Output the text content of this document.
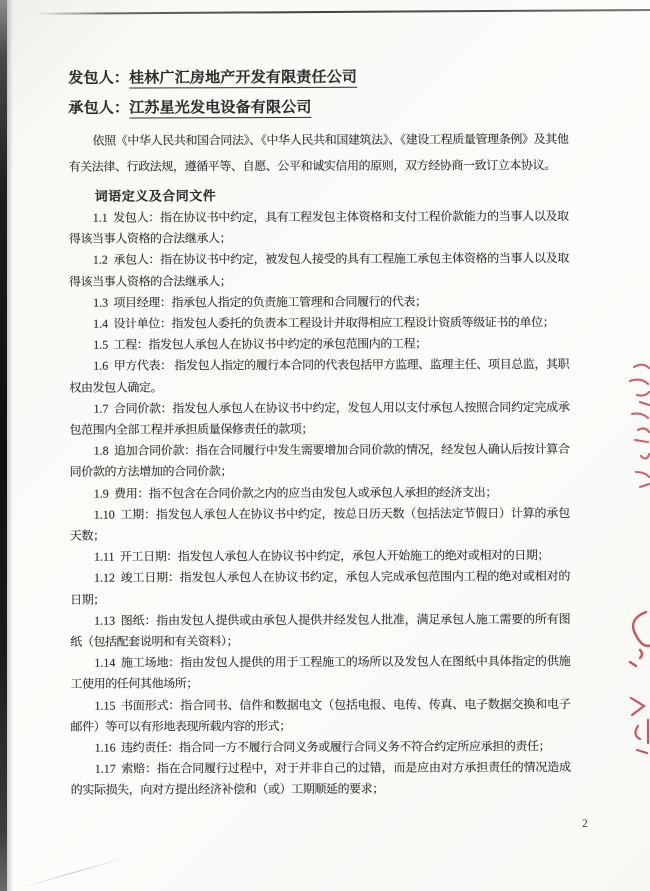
发包人：桂林广汇房地产开发有限责任公司
承包人：江苏星光发电设备有限公司

依照《中华人民共和国合同法》、《中华人民共和国建筑法》、《建设工程质量管理条例》及其他有关法律、行政法规，遵循平等、自愿、公平和诚实信用的原则，双方经协商一致订立本协议。

词语定义及合同文件

1.1 发包人：指在协议书中约定，具有工程发包主体资格和支付工程价款能力的当事人以及取得该当事人资格的合法继承人；

1.2 承包人：指在协议书中约定，被发包人接受的具有工程施工承包主体资格的当事人以及取得该当事人资格的合法继承人；

1.3 项目经理：指承包人指定的负责施工管理和合同履行的代表；

1.4 设计单位：指发包人委托的负责本工程设计并取得相应工程设计资质等级证书的单位；

1.5 工程：指发包人承包人在协议书中约定的承包范围内的工程；

1.6 甲方代表： 指发包人指定的履行本合同的代表包括甲方监理、监理主任、项目总监，其职权由发包人确定。

1.7 合同价款：指发包人承包人在协议书中约定，发包人用以支付承包人按照合同约定完成承包范围内全部工程并承担质量保修责任的款项；

1.8 追加合同价款：指在合同履行中发生需要增加合同价款的情况，经发包人确认后按计算合同价款的方法增加的合同价款；

1.9 费用：指不包含在合同价款之内的应当由发包人或承包人承担的经济支出；

1.10 工期：指发包人承包人在协议书中约定，按总日历天数（包括法定节假日）计算的承包天数；

1.11 开工日期：指发包人承包人在协议书中约定，承包人开始施工的绝对或相对的日期；

1.12 竣工日期：指发包人承包人在协议书约定，承包人完成承包范围内工程的绝对或相对的日期；

1.13 图纸：指由发包人提供或由承包人提供并经发包人批准，满足承包人施工需要的所有图纸（包括配套说明和有关资料）；

1.14 施工场地：指由发包人提供的用于工程施工的场所以及发包人在图纸中具体指定的供施工使用的任何其他场所；

1.15 书面形式：指合同书、信件和数据电文（包括电报、电传、传真、电子数据交换和电子邮件）等可以有形地表现所载内容的形式；

1.16 违约责任：指合同一方不履行合同义务或履行合同义务不符合约定所应承担的责任；

1.17 索赔：指在合同履行过程中，对于并非自己的过错，而是应由对方承担责任的情况造成的实际损失，向对方提出经济补偿和（或）工期顺延的要求；

2
